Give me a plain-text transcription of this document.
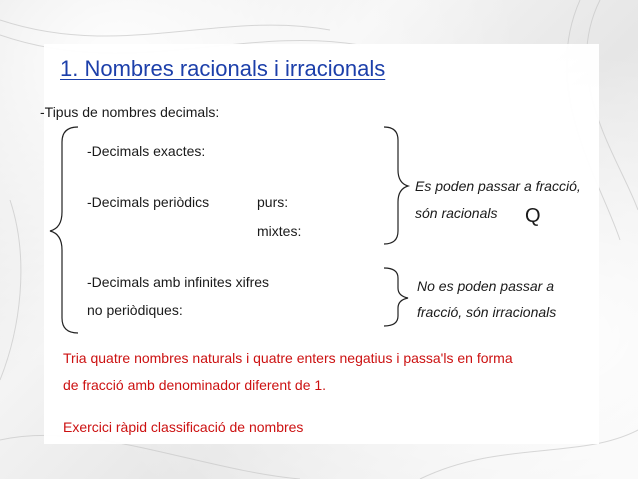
1. Nombres racionals i irracionals
-Tipus de nombres decimals:
-Decimals exactes:
-Decimals periòdics	purs:
mixtes:
-Decimals amb infinites xifres
no periòdiques:
Es poden passar a fracció,
són racionals Q
No es poden passar a
fracció, són irracionals
Tria quatre nombres naturals i quatre enters negatius i passa'ls en forma
de fracció amb denominador diferent de 1.
Exercici ràpid classificació de nombres
